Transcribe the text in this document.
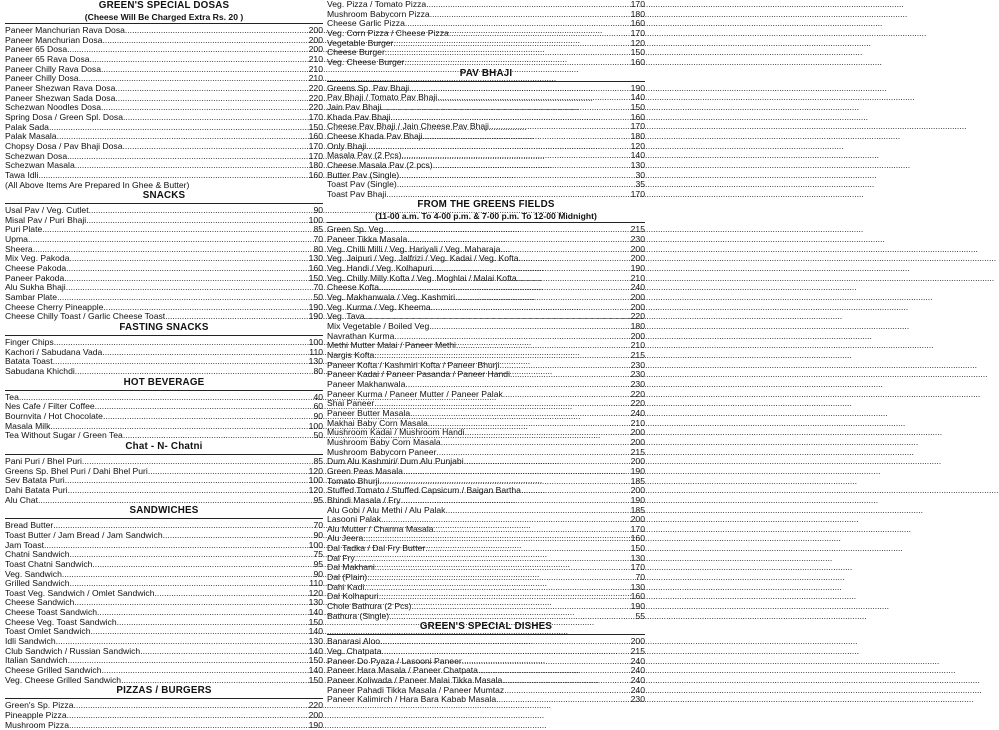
GREEN'S SPECIAL DOSAS
(Cheese Will Be Charged Extra Rs. 20 )
Paneer Manchurian Rava Dosa .....	200
Paneer Manchurian Dosa .....	200
Paneer 65 Dosa .....	200
Paneer 65 Rava Dosa .....	210
Paneer Chilly Rava Dosa .....	210
Paneer Chilly Dosa .....	210
Paneer Shezwan Rava Dosa .....	220
Paneer Shezwan Sada Dosa .....	220
Schezwan Noodles Dosa .....	220
Spring Dosa / Green Spl. Dosa .....	170
Palak Sada .....	150
Palak Masala .....	160
Chopsy Dosa / Pav Bhaji Dosa .....	170
Schezwan Dosa .....	170
Schezwan Masala .....	180
Tawa Idli .....	160
(All Above Items Are Prepared In Ghee & Butter)
SNACKS
Usal Pav / Veg. Cutlet .....	90
Misal Pav / Puri Bhaji .....	100
Puri Plate .....	85
Upma .....	70
Sheera .....	80
Mix Veg. Pakoda .....	130
Cheese Pakoda .....	160
Paneer Pakoda .....	150
Alu Sukha Bhaji .....	70
Sambar Plate .....	50
Cheese Cherry Pineapple .....	190
Cheese Chilly Toast / Garlic Cheese Toast .....	190
FASTING SNACKS
Finger Chips .....	100
Kachori / Sabudana Vada .....	110
Batata Toast .....	130
Sabudana Khichdi .....	80
HOT BEVERAGE
Tea .....	40
Nes Cafe / Filter Coffee .....	60
Bournvita / Hot Chocolate .....	90
Masala Milk .....	100
Tea Without Sugar / Green Tea .....	50
Chat - N- Chatni
Pani Puri / Bhel Puri .....	85
Greens Sp. Bhel Puri / Dahi Bhel Puri .....	120
Sev Batata Puri .....	100
Dahi Batata Puri .....	120
Alu Chat .....	95
SANDWICHES
Bread Butter .....	70
Toast Butter / Jam Bread / Jam Sandwich .....	90
Jam Toast .....	100
Chatni Sandwich .....	75
Toast Chatni Sandwich .....	95
Veg. Sandwich .....	90
Grilled Sandwich .....	110
Toast Veg. Sandwich / Omlet Sandwich .....	120
Cheese Sandwich .....	130
Cheese Toast Sandwich .....	140
Cheese Veg. Toast Sandwich .....	150
Toast Omlet Sandwich .....	140
Idli Sandwich .....	130
Club Sandwich / Russian Sandwich .....	140
Italian Sandwich .....	150
Cheese Grilled Sandwich .....	140
Veg. Cheese Grilled Sandwich .....	150
PIZZAS / BURGERS
Green's Sp. Pizza .....	220
Pineapple Pizza .....	200
Mushroom Pizza .....	190
Veg. Pizza / Tomato Pizza .....	170
Mushroom Babycorn Pizza .....	180
Cheese Garlic Pizza .....	160
Veg. Corn Pizza / Cheese Pizza .....	170
Vegetable Burger .....	120
Cheese Burger .....	150
Veg. Cheese Burger .....	160
PAV BHAJI
Greens Sp. Pav Bhaji .....	190
Pav Bhaji / Tomato Pav Bhaji .....	140
Jain Pav Bhaji .....	150
Khada Pav Bhaji .....	160
Cheese Pav Bhaji / Jain Cheese Pav Bhaji .....	170
Cheese Khada Pav Bhaji .....	180
Only Bhaji .....	120
Masala Pav (2 Pcs) .....	140
Cheese Masala Pav (2 pcs) .....	130
Butter Pav (Single) .....	30
Toast Pav (Single) .....	35
Toast Pav Bhaji .....	170
FROM THE GREENS FIELDS
(11-00 a.m. To 4-00 p.m. & 7-00 p.m. To 12-00 Midnight)
Green Sp. Veg. .....	215
Paneer Tikka Masala .....	230
Veg. Chilli Milli / Veg. Hariyali / Veg. Maharaja .....	200
Veg. Jaipuri / Veg. Jalfrizi / Veg. Kadai / Veg. Kofta .....	200
Veg. Handi / Veg. Kolhapuri .....	190
Veg. Chilly Milly Kofta / Veg. Moghlai / Malai Kofta .....	210
Cheese Kofta .....	240
Veg. Makhanwala / Veg. Kashmiri .....	200
Veg. Kurma / Veg. Kheema .....	200
Veg. Tava .....	220
Mix Vegetable / Boiled Veg. .....	180
Navrathan Kurma .....	200
Methi Mutter Malai / Paneer Methi .....	210
Nargis Kofta .....	215
Paneer Kofta / Kashmiri Kofta / Paneer Bhurji .....	230
Paneer Kadai / Paneer Pasanda / Paneer Handi .....	230
Paneer Makhanwala .....	230
Paneer Kurma / Paneer Mutter / Paneer Palak .....	220
Shai Paneer .....	220
Paneer Butter Masala .....	240
Makhai Baby Corn Masala .....	210
Mushroom Kadai / Mushroom Handi .....	200
Mushroom Baby Corn Masala .....	200
Mushroom Babycorn Paneer .....	215
Dum Alu Kashmiri/ Dum Alu Punjabi .....	200
Green Peas Masala .....	190
Tomato Bhurji .....	185
Stuffed Tomato / Stuffed Capsicum / Baigan Bartha .....	200
Bhindi Masala / Fry .....	190
Alu Gobi / Alu Methi / Alu Palak .....	185
Lasooni Palak .....	200
Alu Mutter / Channa Masala .....	170
Alu Jeera .....	160
Dal Tadka / Dal Fry Butter .....	150
Dal Fry .....	130
Dal Makhani .....	170
Dal (Plain) .....	70
Dahi Kadi .....	130
Dal Kolhapuri .....	160
Chole Bathura (2 Pcs) .....	190
Bathura (Single) .....	55
GREEN'S SPECIAL DISHES
Banarasi Aloo .....	200
Veg. Chatpata .....	215
Paneer Do Pyaza / Lasooni Paneer .....	240
Paneer Hara Masala / Paneer Chatpata .....	240
Paneer Koliwada / Paneer Malai Tikka Masala .....	240
Paneer Pahadi Tikka Masala / Paneer Mumtaz .....	240
Paneer Kalimirch / Hara Bara Kabab Masala .....	230
